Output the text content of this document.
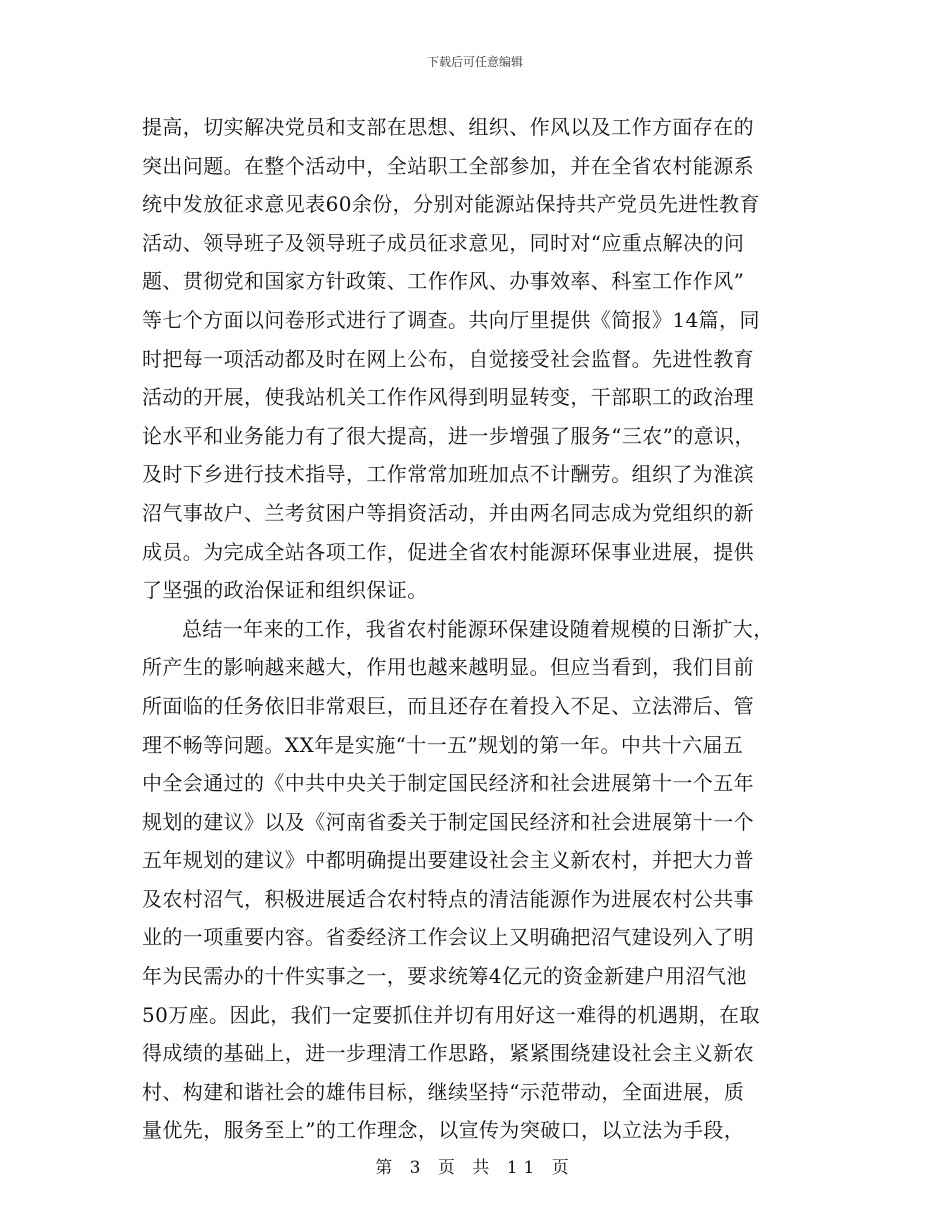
下载后可任意编辑
提高，切实解决党员和支部在思想、组织、作风以及工作方面存在的
突出问题。在整个活动中，全站职工全部参加，并在全省农村能源系
统中发放征求意见表60余份，分别对能源站保持共产党员先进性教育
活动、领导班子及领导班子成员征求意见，同时对“应重点解决的问
题、贯彻党和国家方针政策、工作作风、办事效率、科室工作作风”
等七个方面以问卷形式进行了调查。共向厅里提供《简报》14篇，同
时把每一项活动都及时在网上公布，自觉接受社会监督。先进性教育
活动的开展，使我站机关工作作风得到明显转变，干部职工的政治理
论水平和业务能力有了很大提高，进一步增强了服务“三农”的意识，
及时下乡进行技术指导，工作常常加班加点不计酬劳。组织了为淮滨
沼气事故户、兰考贫困户等捐资活动，并由两名同志成为党组织的新
成员。为完成全站各项工作，促进全省农村能源环保事业进展，提供
了坚强的政治保证和组织保证。
总结一年来的工作，我省农村能源环保建设随着规模的日渐扩大，
所产生的影响越来越大，作用也越来越明显。但应当看到，我们目前
所面临的任务依旧非常艰巨，而且还存在着投入不足、立法滞后、管
理不畅等问题。XX年是实施“十一五”规划的第一年。中共十六届五
中全会通过的《中共中央关于制定国民经济和社会进展第十一个五年
规划的建议》以及《河南省委关于制定国民经济和社会进展第十一个
五年规划的建议》中都明确提出要建设社会主义新农村，并把大力普
及农村沼气，积极进展适合农村特点的清洁能源作为进展农村公共事
业的一项重要内容。省委经济工作会议上又明确把沼气建设列入了明
年为民需办的十件实事之一，要求统筹4亿元的资金新建户用沼气池
50万座。因此，我们一定要抓住并切有用好这一难得的机遇期，在取
得成绩的基础上，进一步理清工作思路，紧紧围绕建设社会主义新农
村、构建和谐社会的雄伟目标，继续坚持“示范带动，全面进展，质
量优先，服务至上”的工作理念，以宣传为突破口，以立法为手段，
第 3 页 共 11 页
